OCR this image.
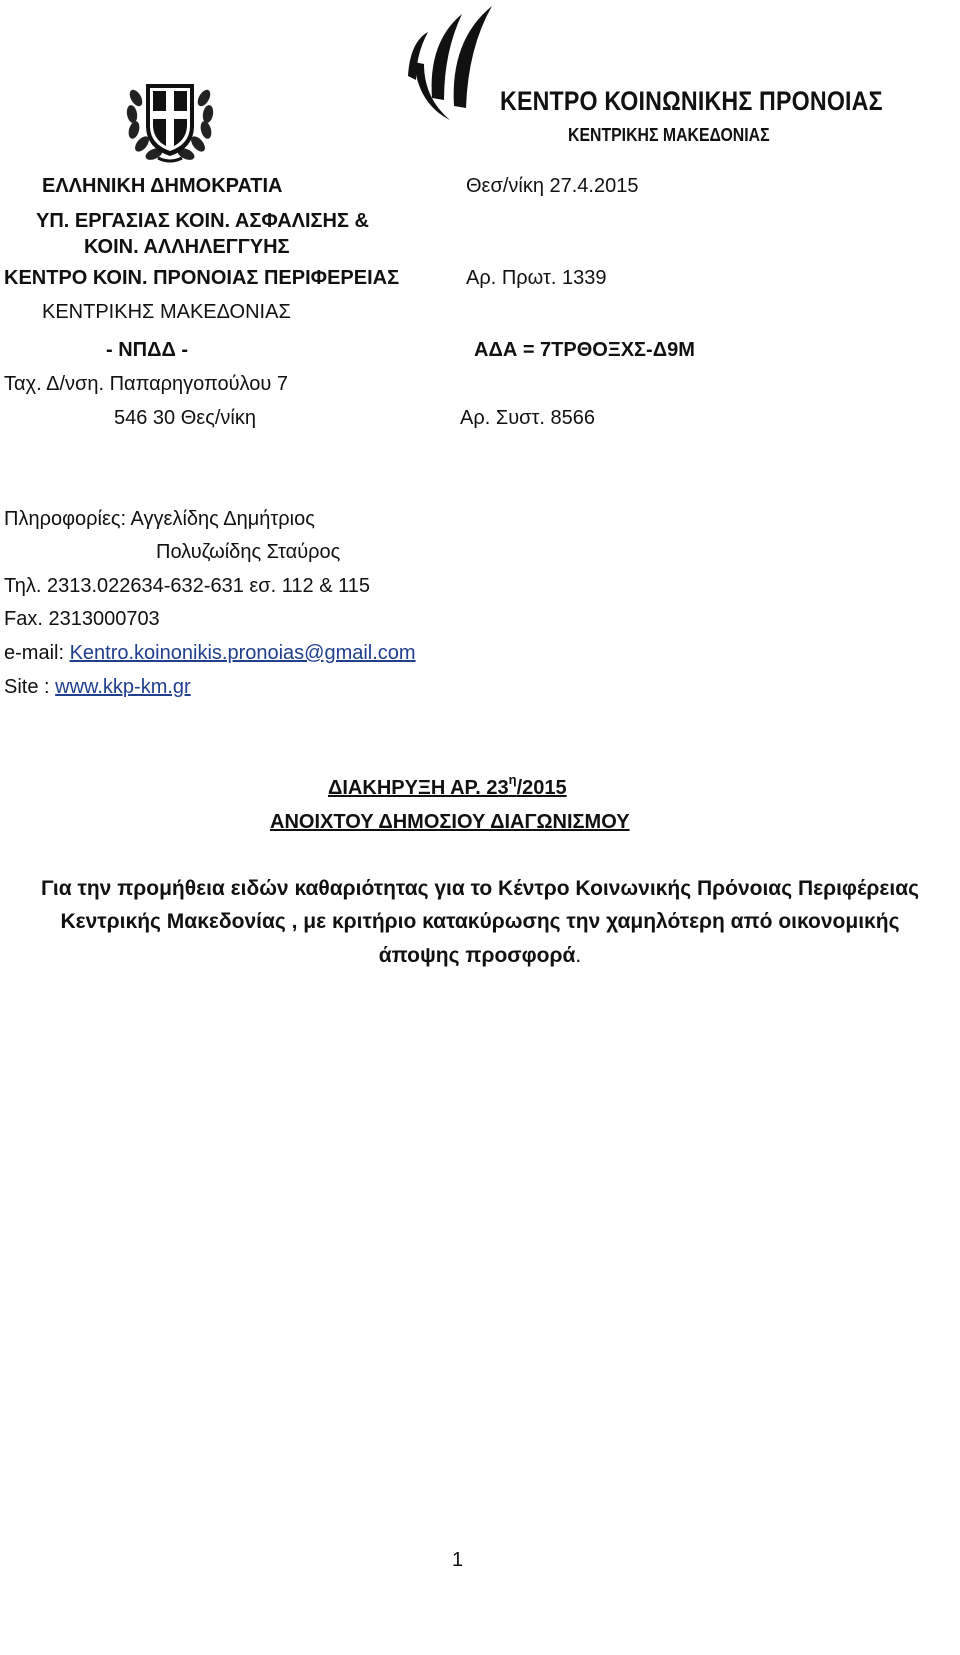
ΚΕΝΤΡΟ ΚΟΙΝΩΝΙΚΗΣ ΠΡΟΝΟΙΑΣ
ΚΕΝΤΡΙΚΗΣ ΜΑΚΕΔΟΝΙΑΣ
ΕΛΛΗΝΙΚΗ ΔΗΜΟΚΡΑΤΙΑ
ΥΠ. ΕΡΓΑΣΙΑΣ ΚΟΙΝ. ΑΣΦΑΛΙΣΗΣ &
ΚΟΙΝ. ΑΛΛΗΛΕΓΓΥΗΣ
ΚΕΝΤΡΟ ΚΟΙΝ. ΠΡΟΝΟΙΑΣ ΠΕΡΙΦΕΡΕΙΑΣ
ΚΕΝΤΡΙΚΗΣ ΜΑΚΕΔΟΝΙΑΣ
- ΝΠΔΔ -
Ταχ. Δ/νση. Παπαρηγοπούλου 7
546 30 Θες/νίκη
Θεσ/νίκη 27.4.2015
Αρ. Πρωτ. 1339
ΑΔΑ = 7ΤΡΘΟΞΧΣ-Δ9Μ
Αρ. Συστ. 8566
Πληροφορίες: Αγγελίδης Δημήτριος
Πολυζωίδης Σταύρος
Τηλ. 2313.022634-632-631 εσ. 112 & 115
Fax. 2313000703
e-mail: Kentro.koinonikis.pronoias@gmail.com
Site : www.kkp-km.gr
ΔΙΑΚΗΡΥΞΗ ΑΡ. $23^\eta/2015$
ΑΝΟΙΧΤΟΥ ΔΗΜΟΣΙΟΥ ΔΙΑΓΩΝΙΣΜΟΥ
Για την προμήθεια ειδών καθαριότητας για το Κέντρο Κοινωνικής Πρόνοιας Περιφέρειας
Κεντρικής Μακεδονίας , με κριτήριο κατακύρωσης την χαμηλότερη από οικονομικής
άποψης προσφορά.
1
